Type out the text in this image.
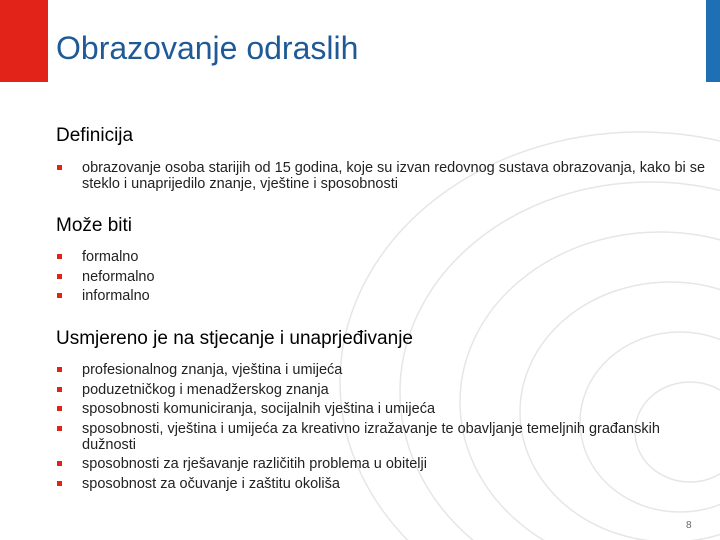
Obrazovanje odraslih
Definicija
obrazovanje osoba starijih od 15 godina, koje su izvan redovnog sustava obrazovanja, kako bi se steklo i unaprijedilo znanje, vještine i sposobnosti
Može biti
formalno
neformalno
informalno
Usmjereno je na stjecanje i unaprjeđivanje
profesionalnog znanja, vještina i umijeća
poduzetničkog i menadžerskog znanja
sposobnosti komuniciranja, socijalnih vještina i umijeća
sposobnosti, vještina i umijeća za kreativno izražavanje te obavljanje temeljnih građanskih dužnosti
sposobnosti za rješavanje različitih problema u obitelji
sposobnost za očuvanje i zaštitu okoliša
8
